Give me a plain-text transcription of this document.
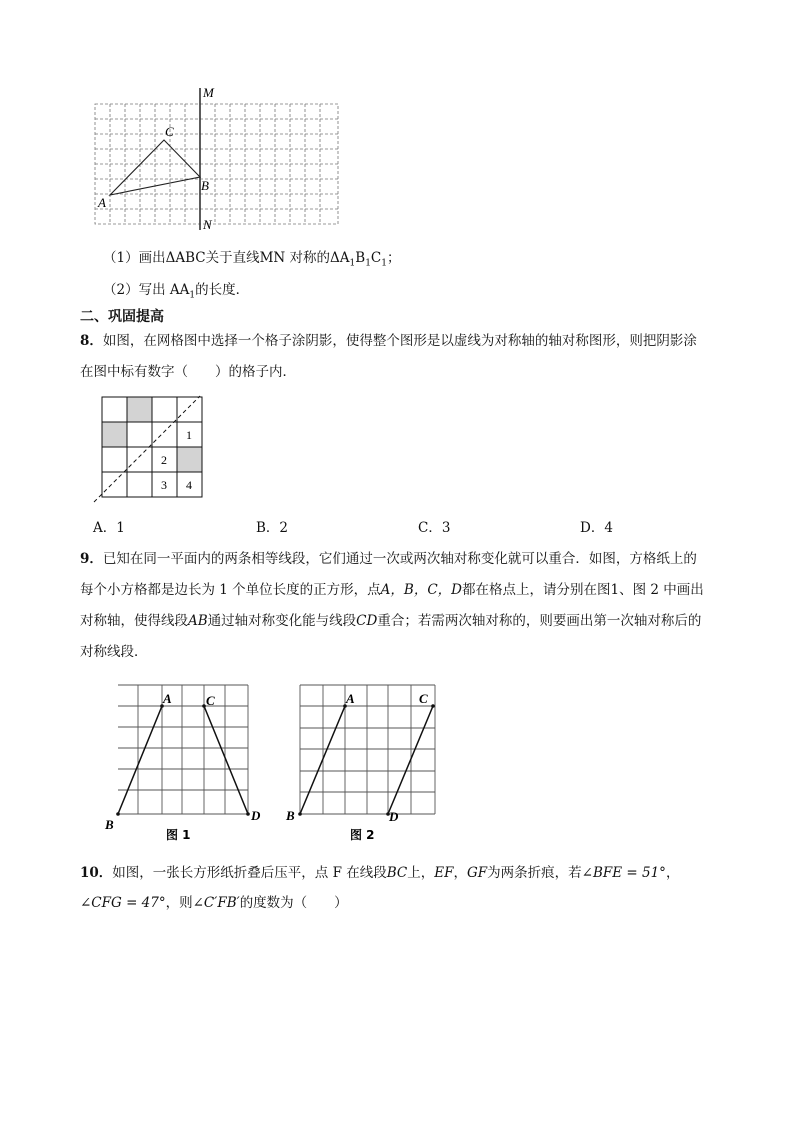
M
N
C
B
A
（1）画出ΔABC关于直线MN 对称的$\Delta A_1B_1C_1$；
（2）写出 $AA_1$的长度．
二、巩固提高
8．如图，在网格图中选择一个格子涂阴影，使得整个图形是以虚线为对称轴的轴对称图形，则把阴影涂
在图中标有数字（　　）的格子内．
1
2
3 4
A．1	B．2	C．3	D．4
9．已知在同一平面内的两条相等线段，它们通过一次或两次轴对称变化就可以重合．如图，方格纸上的
每个小方格都是边长为 1 个单位长度的正方形，点A，B，C，D都在格点上，请分别在图1、图 2 中画出
对称轴，使得线段AB通过轴对称变化能与线段CD重合；若需两次轴对称的，则要画出第一次轴对称后的
对称线段．
A	C
B
D
图 1
A	C
B	D
图 2
10．如图，一张长方形纸折叠后压平，点 F 在线段BC上，EF，GF为两条折痕，若∠BFE = 51°，
∠CFG = 47°，则∠C′FB′的度数为（　　）
